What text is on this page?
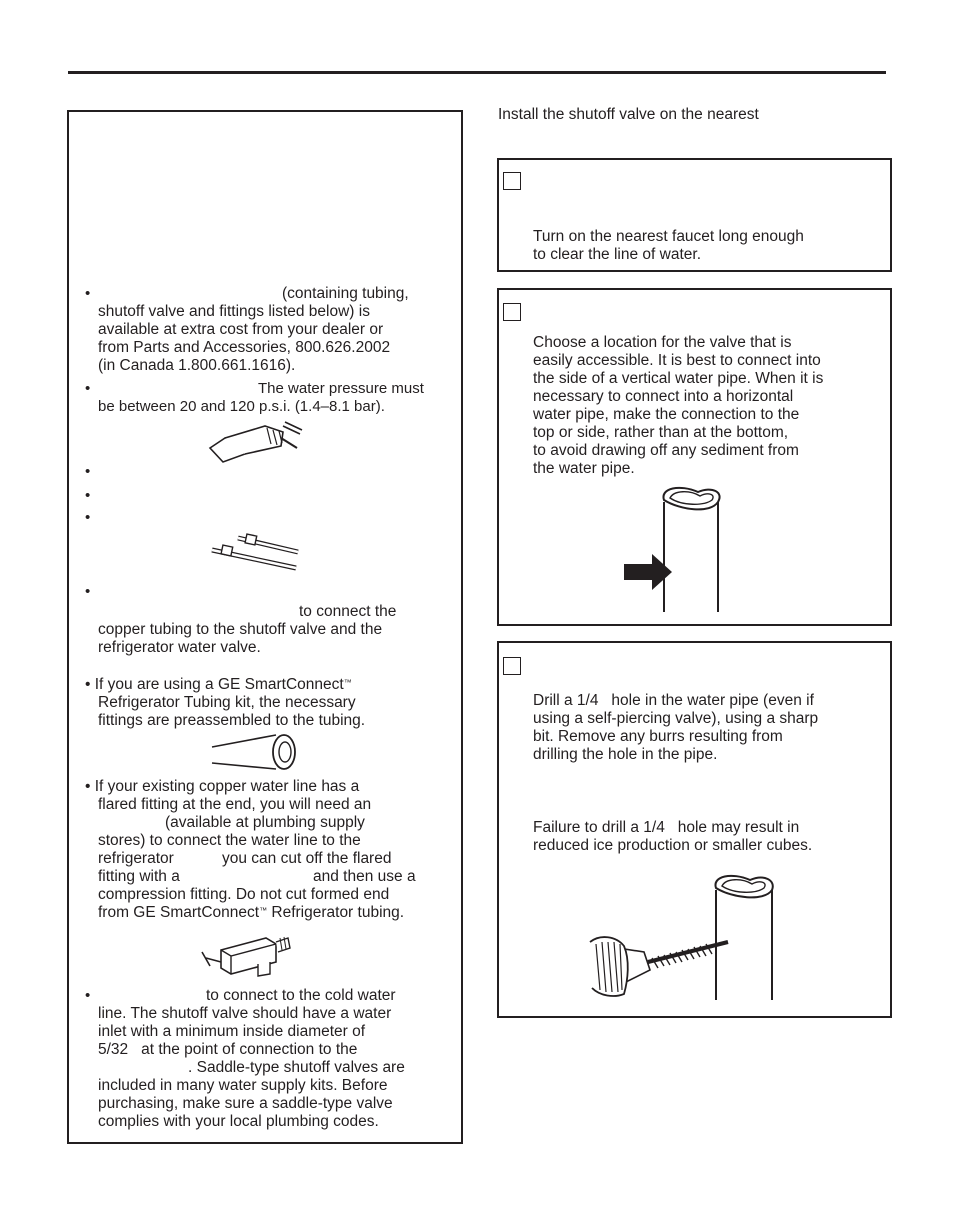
•	(containing tubing,

shutoff valve and fittings listed below) is

available at extra cost from your dealer or

from Parts and Accessories, 800.626.2002

(in Canada 1.800.661.1616).

•	The water pressure must

be between 20 and 120 p.s.i. (1.4–8.1 bar).

•
•
•
•

to connect the

copper tubing to the shutoff valve and the

refrigerator water valve.

• If you are using a GE SmartConnect™

Refrigerator Tubing kit, the necessary

fittings are preassembled to the tubing.

• If your existing copper water line has a

flared fitting at the end, you will need an

(available at plumbing supply

stores) to connect the water line to the

refrigerator	you can cut off the flared

fitting with a	and then use a

compression fitting. Do not cut formed end

from GE SmartConnect™ Refrigerator tubing.

•	to connect to the cold water

line. The shutoff valve should have a water

inlet with a minimum inside diameter of

5/32   at the point of connection to the

. Saddle-type shutoff valves are

included in many water supply kits. Before

purchasing, make sure a saddle-type valve

complies with your local plumbing codes.

Install the shutoff valve on the nearest

Turn on the nearest faucet long enough

to clear the line of water.

Choose a location for the valve that is

easily accessible. It is best to connect into

the side of a vertical water pipe. When it is

necessary to connect into a horizontal

water pipe, make the connection to the

top or side, rather than at the bottom,

to avoid drawing off any sediment from

the water pipe.

Drill a 1/4   hole in the water pipe (even if

using a self-piercing valve), using a sharp

bit. Remove any burrs resulting from

drilling the hole in the pipe.

Failure to drill a 1/4   hole may result in

reduced ice production or smaller cubes.
